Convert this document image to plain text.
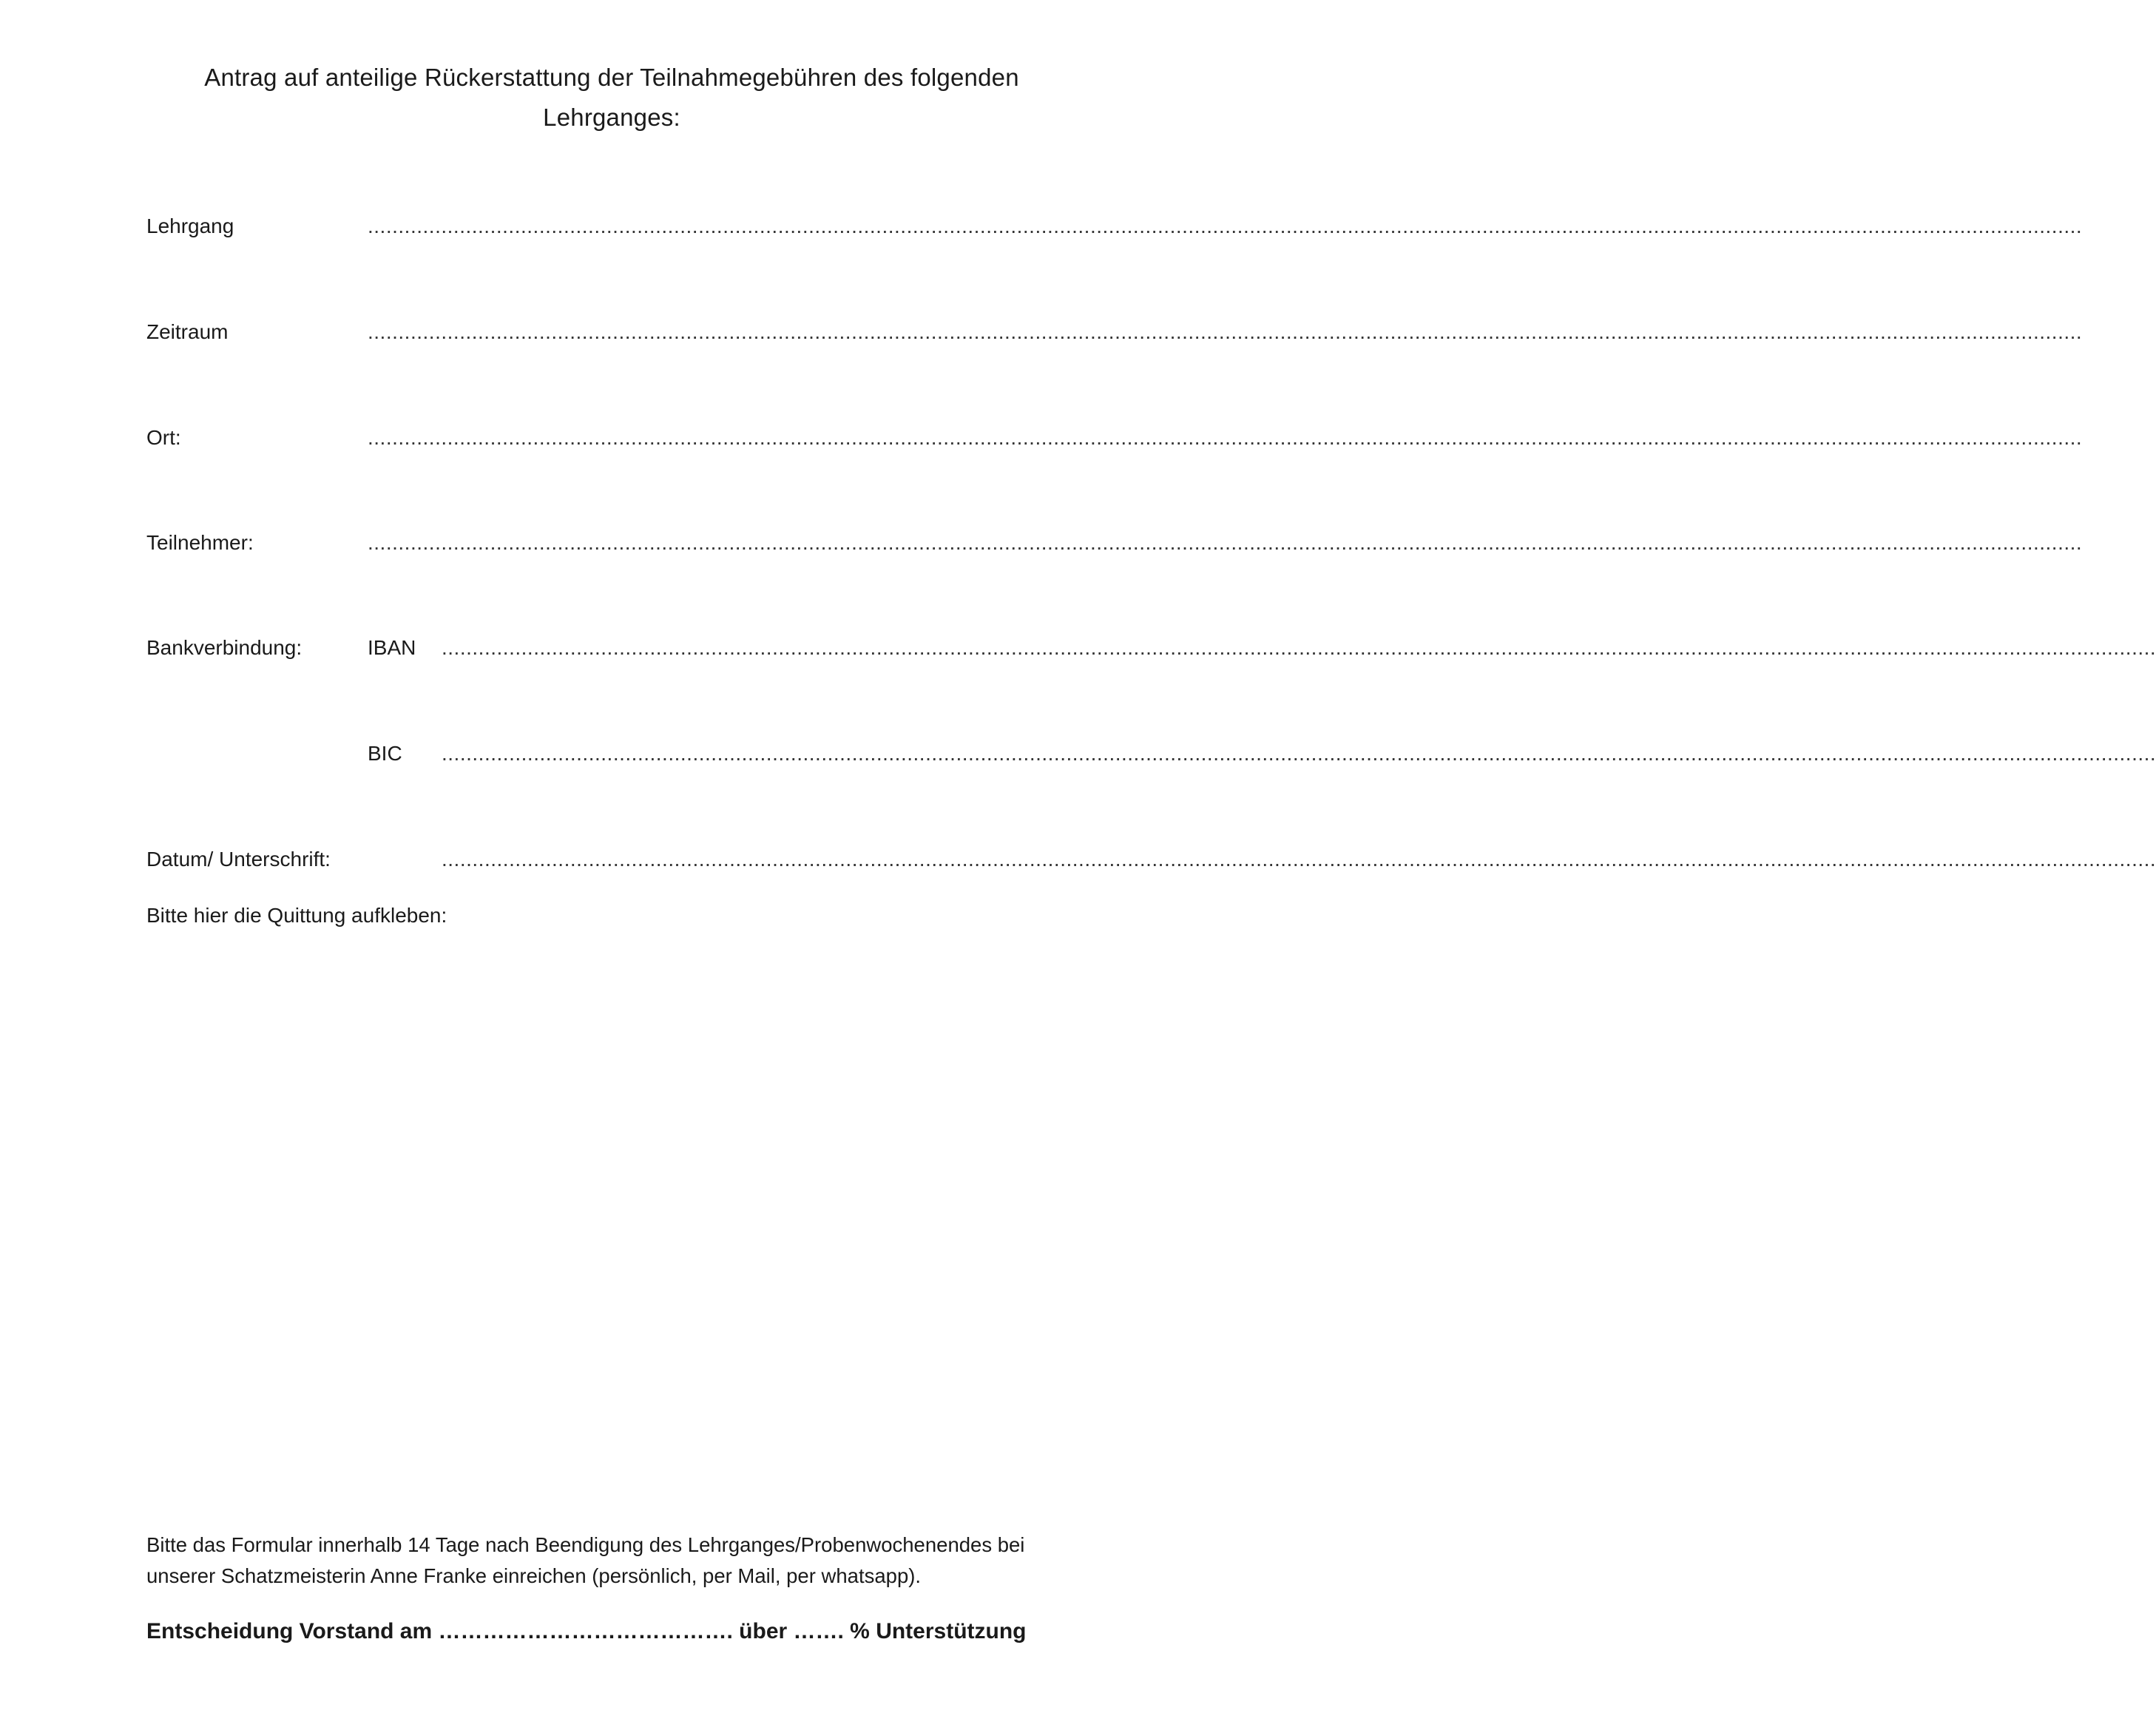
Antrag auf anteilige Rückerstattung der Teilnahmegebühren des folgenden
Lehrganges:
Lehrgang	........................................................................................................................................................................................................................................................................................
Zeitraum	........................................................................................................................................................................................................................................................................................
Ort:	........................................................................................................................................................................................................................................................................................
Teilnehmer:	........................................................................................................................................................................................................................................................................................
Bankverbindung:	IBAN ........................................................................................................................................................................................................................................................................................
BIC ........................................................................................................................................................................................................................................................................................
Datum/ Unterschrift:	........................................................................................................................................................................................................................................................................................
Bitte hier die Quittung aufkleben:
Bitte das Formular innerhalb 14 Tage nach Beendigung des Lehrganges/Probenwochenendes bei
unserer Schatzmeisterin Anne Franke einreichen (persönlich, per Mail, per whatsapp).
Entscheidung Vorstand am …………………………………. über ……. % Unterstützung
